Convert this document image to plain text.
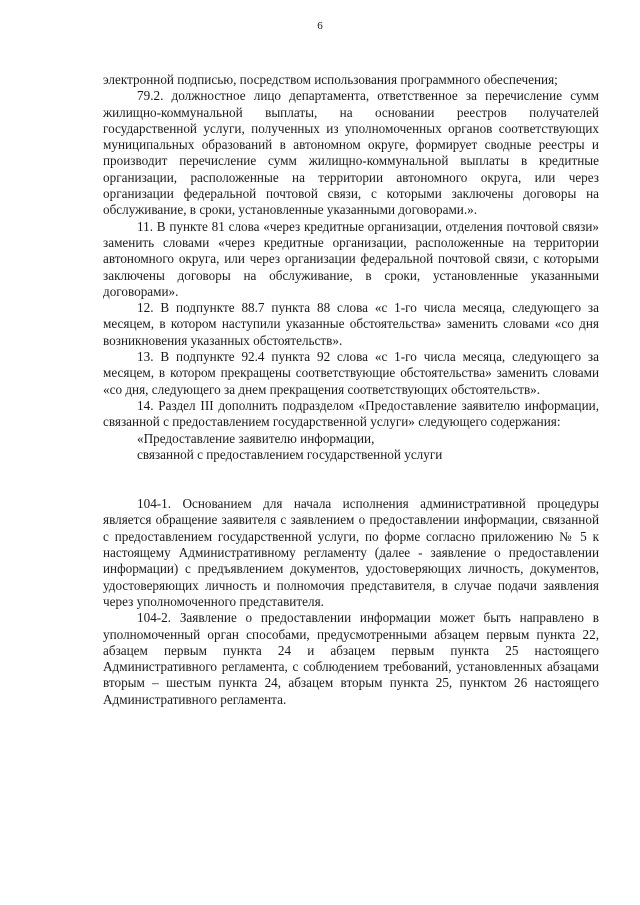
6

электронной подписью, посредством использования программного обеспечения;

79.2. должностное лицо департамента, ответственное за перечисление сумм жилищно-коммунальной выплаты, на основании реестров получателей государственной услуги, полученных из уполномоченных органов соответствующих муниципальных образований в автономном округе, формирует сводные реестры и производит перечисление сумм жилищно-коммунальной выплаты в кредитные организации, расположенные на территории автономного округа, или через организации федеральной почтовой связи, с которыми заключены договоры на обслуживание, в сроки, установленные указанными договорами.».

11. В пункте 81 слова «через кредитные организации, отделения почтовой связи» заменить словами «через кредитные организации, расположенные на территории автономного округа, или через организации федеральной почтовой связи, с которыми заключены договоры на обслуживание, в сроки, установленные указанными договорами».

12. В подпункте 88.7 пункта 88 слова «с 1-го числа месяца, следующего за месяцем, в котором наступили указанные обстоятельства» заменить словами «со дня возникновения указанных обстоятельств».

13. В подпункте 92.4 пункта 92 слова «с 1-го числа месяца, следующего за месяцем, в котором прекращены соответствующие обстоятельства» заменить словами «со дня, следующего за днем прекращения соответствующих обстоятельств».

14. Раздел III дополнить подразделом «Предоставление заявителю информации, связанной с предоставлением государственной услуги» следующего содержания:

«Предоставление заявителю информации,

связанной с предоставлением государственной услуги

104-1. Основанием для начала исполнения административной процедуры является обращение заявителя с заявлением о предоставлении информации, связанной с предоставлением государственной услуги, по форме согласно приложению № 5 к настоящему Административному регламенту (далее - заявление о предоставлении информации) с предъявлением документов, удостоверяющих личность, документов, удостоверяющих личность и полномочия представителя, в случае подачи заявления через уполномоченного представителя.

104-2. Заявление о предоставлении информации может быть направлено в уполномоченный орган способами, предусмотренными абзацем первым пункта 22, абзацем первым пункта 24 и абзацем первым пункта 25 настоящего Административного регламента, с соблюдением требований, установленных абзацами вторым – шестым пункта 24, абзацем вторым пункта 25, пунктом 26 настоящего Административного регламента.
